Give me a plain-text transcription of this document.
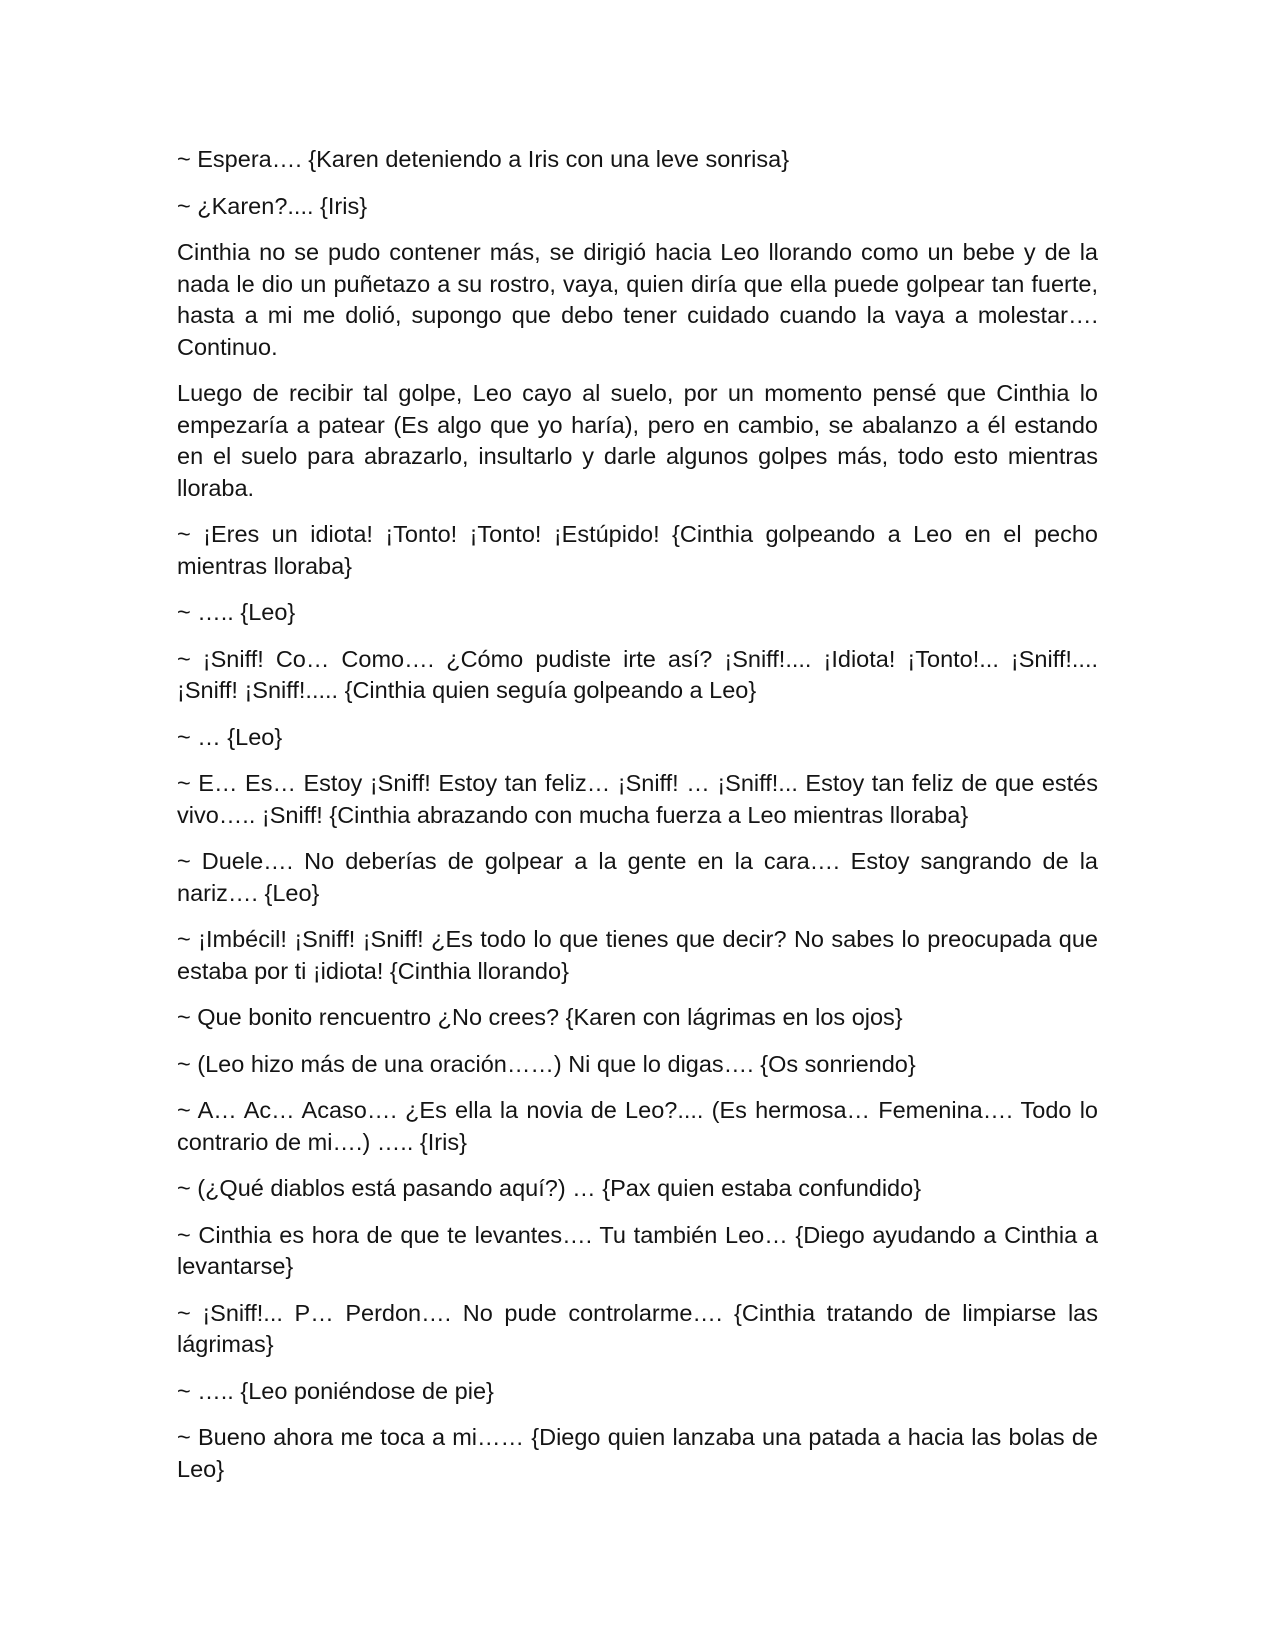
~ Espera…. {Karen deteniendo a Iris con una leve sonrisa}

~ ¿Karen?.... {Iris}

Cinthia no se pudo contener más, se dirigió hacia Leo llorando como un bebe y de la nada le dio un puñetazo a su rostro, vaya, quien diría que ella puede golpear tan fuerte, hasta a mi me dolió, supongo que debo tener cuidado cuando la vaya a molestar…. Continuo.

Luego de recibir tal golpe, Leo cayo al suelo, por un momento pensé que Cinthia lo empezaría a patear (Es algo que yo haría), pero en cambio, se abalanzo a él estando en el suelo para abrazarlo, insultarlo y darle algunos golpes más, todo esto mientras lloraba.

~ ¡Eres un idiota! ¡Tonto! ¡Tonto! ¡Estúpido! {Cinthia golpeando a Leo en el pecho mientras lloraba}

~ ….. {Leo}

~ ¡Sniff! Co… Como…. ¿Cómo pudiste irte así? ¡Sniff!.... ¡Idiota! ¡Tonto!... ¡Sniff!.... ¡Sniff! ¡Sniff!..... {Cinthia quien seguía golpeando a Leo}

~ … {Leo}

~ E… Es… Estoy ¡Sniff! Estoy tan feliz… ¡Sniff! … ¡Sniff!... Estoy tan feliz de que estés vivo….. ¡Sniff! {Cinthia abrazando con mucha fuerza a Leo mientras lloraba}

~ Duele…. No deberías de golpear a la gente en la cara…. Estoy sangrando de la nariz…. {Leo}

~ ¡Imbécil! ¡Sniff! ¡Sniff! ¿Es todo lo que tienes que decir? No sabes lo preocupada que estaba por ti ¡idiota! {Cinthia llorando}

~ Que bonito rencuentro ¿No crees? {Karen con lágrimas en los ojos}

~ (Leo hizo más de una oración……) Ni que lo digas…. {Os sonriendo}

~ A… Ac… Acaso…. ¿Es ella la novia de Leo?.... (Es hermosa… Femenina…. Todo lo contrario de mi….) ….. {Iris}

~ (¿Qué diablos está pasando aquí?) … {Pax quien estaba confundido}

~ Cinthia es hora de que te levantes…. Tu también Leo… {Diego ayudando a Cinthia a levantarse}

~ ¡Sniff!... P… Perdon…. No pude controlarme…. {Cinthia tratando de limpiarse las lágrimas}

~ ….. {Leo poniéndose de pie}

~ Bueno ahora me toca a mi…… {Diego quien lanzaba una patada a hacia las bolas de Leo}
